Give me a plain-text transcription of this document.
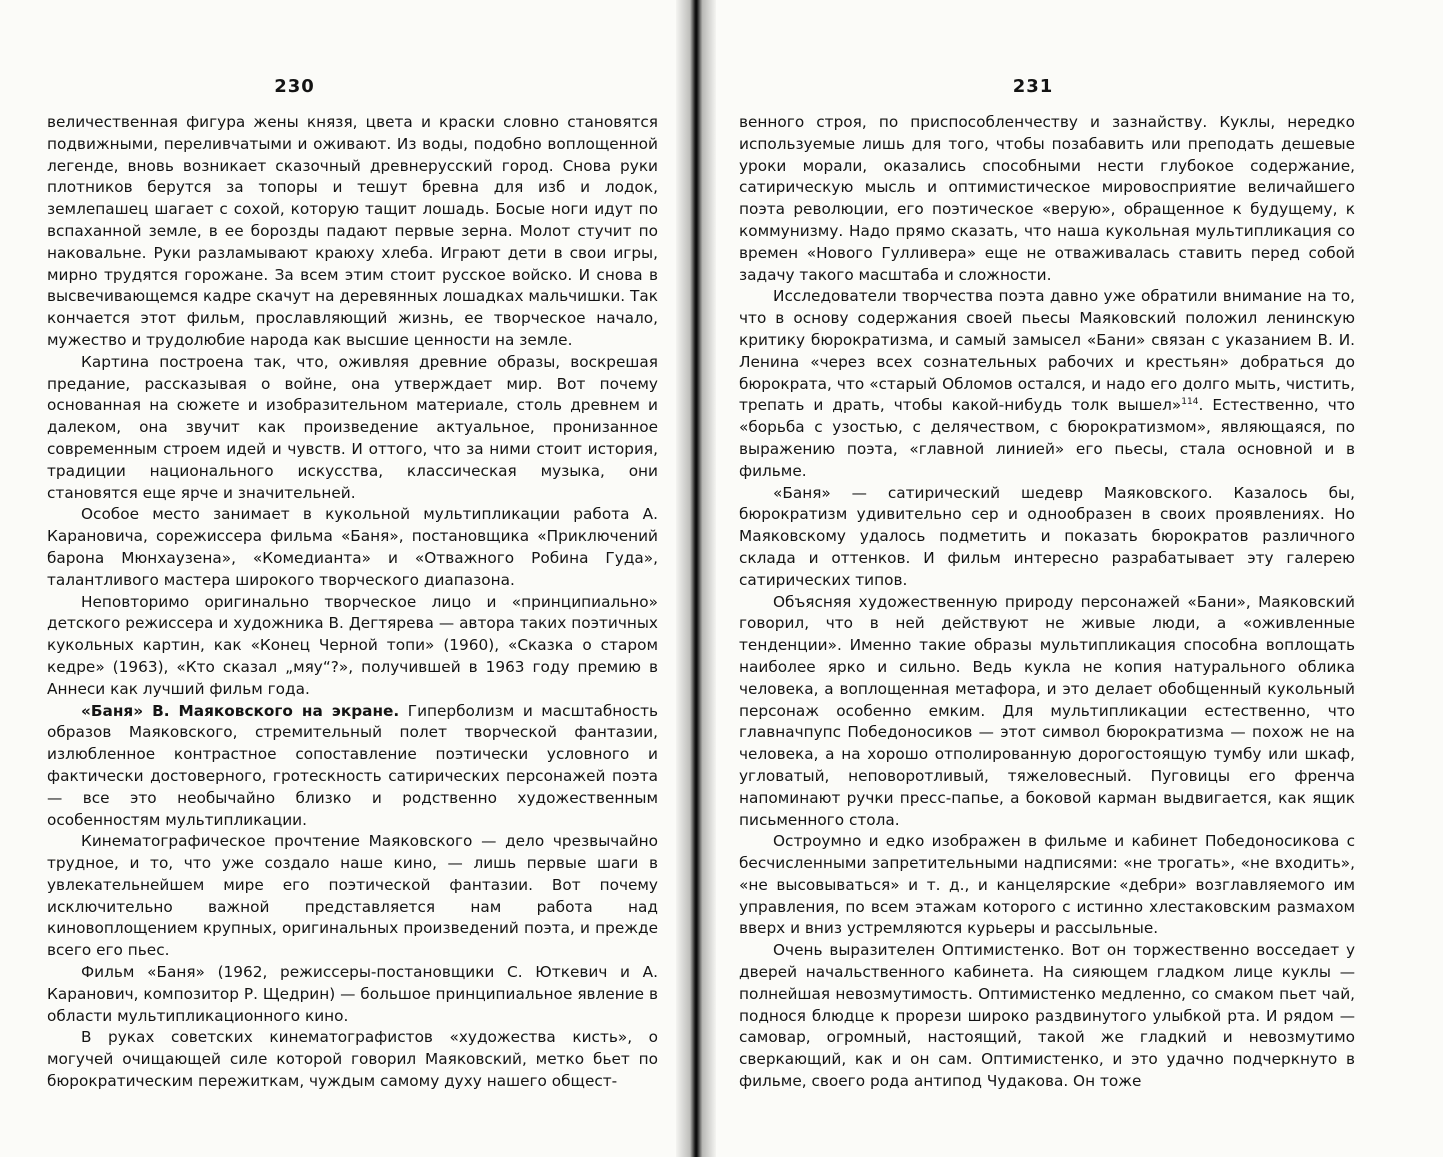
230

величественная фигура жены князя, цвета и краски словно становятся подвижными, переливчатыми и оживают. Из воды, подобно воплощенной легенде, вновь возникает сказочный древнерусский город. Снова руки плотников берутся за топоры и тешут бревна для изб и лодок, землепашец шагает с сохой, которую тащит лошадь. Босые ноги идут по вспаханной земле, в ее борозды падают первые зерна. Молот стучит по наковальне. Руки разламывают краюху хлеба. Играют дети в свои игры, мирно трудятся горожане. За всем этим стоит русское войско. И снова в высвечивающемся кадре скачут на деревянных лошадках мальчишки. Так кончается этот фильм, прославляющий жизнь, ее творческое начало, мужество и трудолюбие народа как высшие ценности на земле.

Картина построена так, что, оживляя древние образы, воскрешая предание, рассказывая о войне, она утверждает мир. Вот почему основанная на сюжете и изобразительном материале, столь древнем и далеком, она звучит как произведение актуальное, пронизанное современным строем идей и чувств. И оттого, что за ними стоит история, традиции национального искусства, классическая музыка, они становятся еще ярче и значительней.

Особое место занимает в кукольной мультипликации работа А. Карановича, сорежиссера фильма «Баня», постановщика «Приключений барона Мюнхаузена», «Комедианта» и «Отважного Робина Гуда», талантливого мастера широкого творческого диапазона.

Неповторимо оригинально творческое лицо и «принципиально» детского режиссера и художника В. Дегтярева — автора таких поэтичных кукольных картин, как «Конец Черной топи» (1960), «Сказка о старом кедре» (1963), «Кто сказал „мяу“?», получившей в 1963 году премию в Аннеси как лучший фильм года.

«Баня» В. Маяковского на экране. Гиперболизм и масштабность образов Маяковского, стремительный полет творческой фантазии, излюбленное контрастное сопоставление поэтически условного и фактически достоверного, гротескность сатирических персонажей поэта — все это необычайно близко и родственно художественным особенностям мультипликации.

Кинематографическое прочтение Маяковского — дело чрезвычайно трудное, и то, что уже создало наше кино, — лишь первые шаги в увлекательнейшем мире его поэтической фантазии. Вот почему исключительно важной представляется нам работа над киновоплощением крупных, оригинальных произведений поэта, и прежде всего его пьес.

Фильм «Баня» (1962, режиссеры-постановщики С. Юткевич и А. Каранович, композитор Р. Щедрин) — большое принципиальное явление в области мультипликационного кино.

В руках советских кинематографистов «художества кисть», о могучей очищающей силе которой говорил Маяковский, метко бьет по бюрократическим пережиткам, чуждым самому духу нашего общест-

231

венного строя, по приспособленчеству и зазнайству. Куклы, нередко используемые лишь для того, чтобы позабавить или преподать дешевые уроки морали, оказались способными нести глубокое содержание, сатирическую мысль и оптимистическое мировосприятие величайшего поэта революции, его поэтическое «верую», обращенное к будущему, к коммунизму. Надо прямо сказать, что наша кукольная мультипликация со времен «Нового Гулливера» еще не отваживалась ставить перед собой задачу такого масштаба и сложности.

Исследователи творчества поэта давно уже обратили внимание на то, что в основу содержания своей пьесы Маяковский положил ленинскую критику бюрократизма, и самый замысел «Бани» связан с указанием В. И. Ленина «через всех сознательных рабочих и крестьян» добраться до бюрократа, что «старый Обломов остался, и надо его долго мыть, чистить, трепать и драть, чтобы какой-нибудь толк вышел»$^{114}$. Естественно, что «борьба с узостью, с делячеством, с бюрократизмом», являющаяся, по выражению поэта, «главной линией» его пьесы, стала основной и в фильме.

«Баня» — сатирический шедевр Маяковского. Казалось бы, бюрократизм удивительно сер и однообразен в своих проявлениях. Но Маяковскому удалось подметить и показать бюрократов различного склада и оттенков. И фильм интересно разрабатывает эту галерею сатирических типов.

Объясняя художественную природу персонажей «Бани», Маяковский говорил, что в ней действуют не живые люди, а «оживленные тенденции». Именно такие образы мультипликация способна воплощать наиболее ярко и сильно. Ведь кукла не копия натурального облика человека, а воплощенная метафора, и это делает обобщенный кукольный персонаж особенно емким. Для мультипликации естественно, что главначпупс Победоносиков — этот символ бюрократизма — похож не на человека, а на хорошо отполированную дорогостоящую тумбу или шкаф, угловатый, неповоротливый, тяжеловесный. Пуговицы его френча напоминают ручки пресс-папье, а боковой карман выдвигается, как ящик письменного стола.

Остроумно и едко изображен в фильме и кабинет Победоносикова с бесчисленными запретительными надписями: «не трогать», «не входить», «не высовываться» и т. д., и канцелярские «дебри» возглавляемого им управления, по всем этажам которого с истинно хлестаковским размахом вверх и вниз устремляются курьеры и рассыльные.

Очень выразителен Оптимистенко. Вот он торжественно восседает у дверей начальственного кабинета. На сияющем гладком лице куклы — полнейшая невозмутимость. Оптимистенко медленно, со смаком пьет чай, поднося блюдце к прорези широко раздвинутого улыбкой рта. И рядом — самовар, огромный, настоящий, такой же гладкий и невозмутимо сверкающий, как и он сам. Оптимистенко, и это удачно подчеркнуто в фильме, своего рода антипод Чудакова. Он тоже
